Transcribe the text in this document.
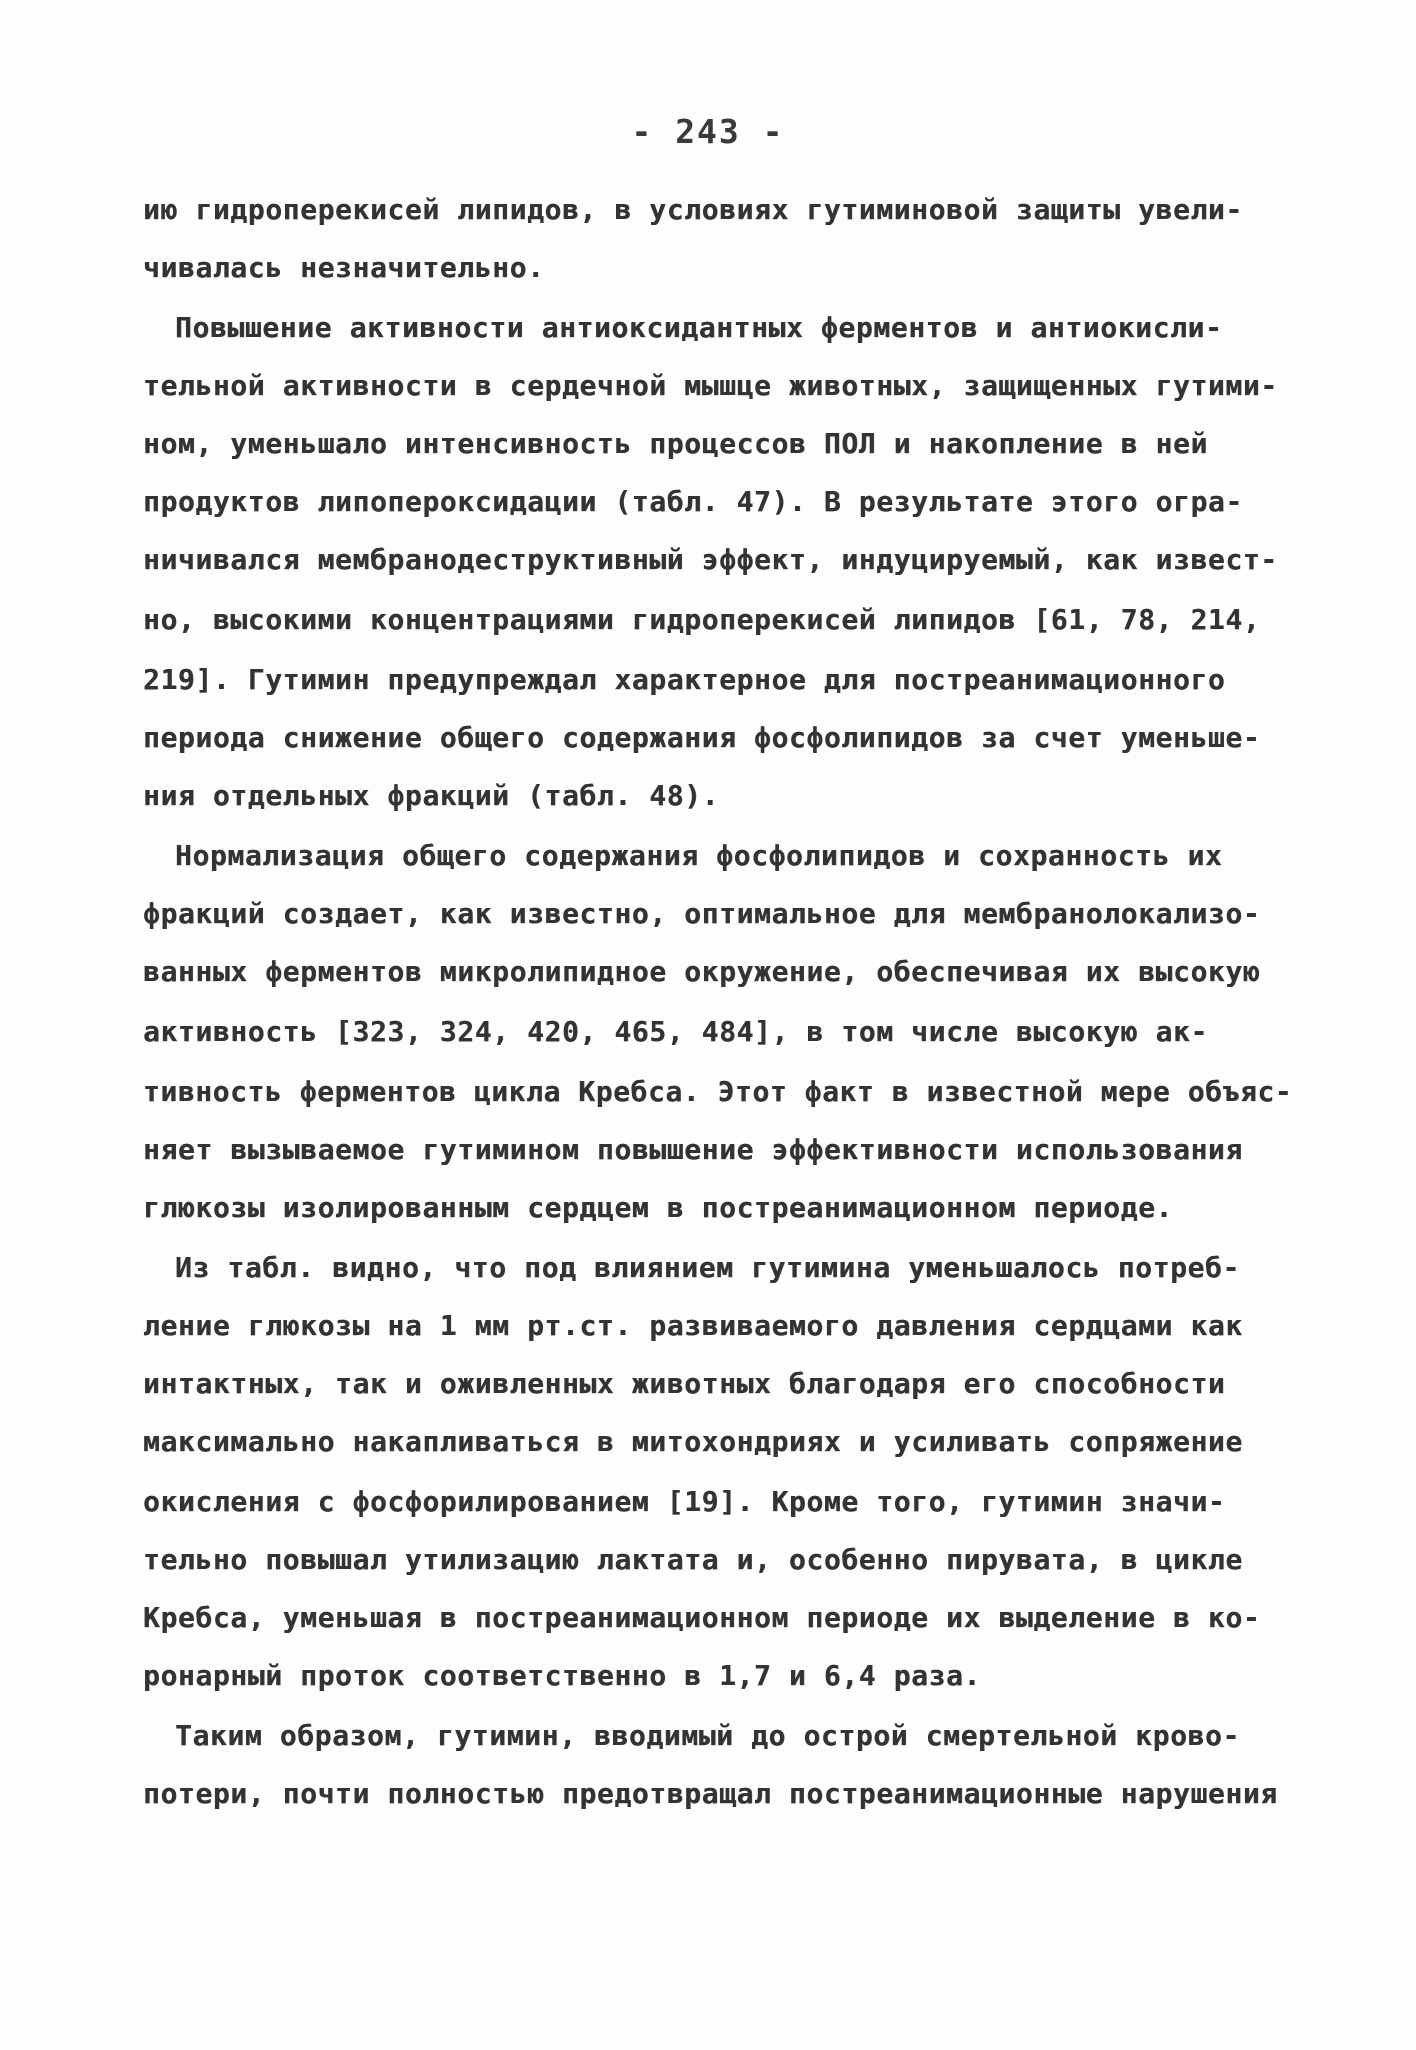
- 243 -
ию гидроперекисей липидов, в условиях гутиминовой защиты увели-
чивалась незначительно.
Повышение активности антиоксидантных ферментов и антиокисли-
тельной активности в сердечной мышце животных, защищенных гутими-
ном, уменьшало интенсивность процессов ПОЛ и накопление в ней
продуктов липопероксидации (табл. 47). В результате этого огра-
ничивался мембранодеструктивный эффект, индуцируемый, как извест-
но, высокими концентрациями гидроперекисей липидов [61, 78, 214,
219]. Гутимин предупреждал характерное для постреанимационного
периода снижение общего содержания фосфолипидов за счет уменьше-
ния отдельных фракций (табл. 48).
Нормализация общего содержания фосфолипидов и сохранность их
фракций создает, как известно, оптимальное для мембранолокализо-
ванных ферментов микролипидное окружение, обеспечивая их высокую
активность [323, 324, 420, 465, 484], в том числе высокую ак-
тивность ферментов цикла Кребса. Этот факт в известной мере объяс-
няет вызываемое гутимином повышение эффективности использования
глюкозы изолированным сердцем в постреанимационном периоде.
Из табл. видно, что под влиянием гутимина уменьшалось потреб-
ление глюкозы на 1 мм рт.ст. развиваемого давления сердцами как
интактных, так и оживленных животных благодаря его способности
максимально накапливаться в митохондриях и усиливать сопряжение
окисления с фосфорилированием [19]. Кроме того, гутимин значи-
тельно повышал утилизацию лактата и, особенно пирувата, в цикле
Кребса, уменьшая в постреанимационном периоде их выделение в ко-
ронарный проток соответственно в 1,7 и 6,4 раза.
Таким образом, гутимин, вводимый до острой смертельной крово-
потери, почти полностью предотвращал постреанимационные нарушения
